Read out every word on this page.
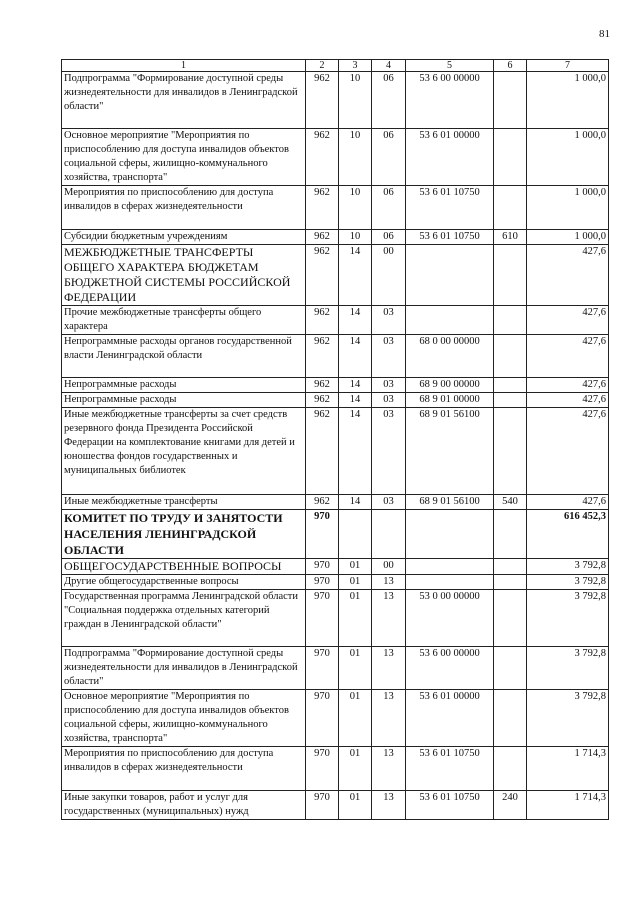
81
1	2	3	4	5	6	7
Подпрограмма "Формирование доступной среды жизнедеятельности для инвалидов в Ленинградской области"	962	10	06	53 6 00 00000		1 000,0
Основное мероприятие "Мероприятия по приспособлению для доступа инвалидов объектов социальной сферы, жилищно-коммунального хозяйства, транспорта"	962	10	06	53 6 01 00000		1 000,0
Мероприятия по приспособлению для доступа инвалидов в сферах жизнедеятельности	962	10	06	53 6 01 10750		1 000,0
Субсидии бюджетным учреждениям	962	10	06	53 6 01 10750	610	1 000,0
МЕЖБЮДЖЕТНЫЕ ТРАНСФЕРТЫ ОБЩЕГО ХАРАКТЕРА БЮДЖЕТАМ БЮДЖЕТНОЙ СИСТЕМЫ РОССИЙСКОЙ ФЕДЕРАЦИИ	962	14	00			427,6
Прочие межбюджетные трансферты общего характера	962	14	03			427,6
Непрограммные расходы органов государственной власти Ленинградской области	962	14	03	68 0 00 00000		427,6
Непрограммные расходы	962	14	03	68 9 00 00000		427,6
Непрограммные расходы	962	14	03	68 9 01 00000		427,6
Иные межбюджетные трансферты за счет средств резервного фонда Президента Российской Федерации на комплектование книгами для детей и юношества фондов государственных и муниципальных библиотек	962	14	03	68 9 01 56100		427,6
Иные межбюджетные трансферты	962	14	03	68 9 01 56100	540	427,6
КОМИТЕТ ПО ТРУДУ И ЗАНЯТОСТИ НАСЕЛЕНИЯ ЛЕНИНГРАДСКОЙ ОБЛАСТИ	970					616 452,3
ОБЩЕГОСУДАРСТВЕННЫЕ ВОПРОСЫ	970	01	00			3 792,8
Другие общегосударственные вопросы	970	01	13			3 792,8
Государственная программа Ленинградской области "Социальная поддержка отдельных категорий граждан в Ленинградской области"	970	01	13	53 0 00 00000		3 792,8
Подпрограмма "Формирование доступной среды жизнедеятельности для инвалидов в Ленинградской области"	970	01	13	53 6 00 00000		3 792,8
Основное мероприятие "Мероприятия по приспособлению для доступа инвалидов объектов социальной сферы, жилищно-коммунального хозяйства, транспорта"	970	01	13	53 6 01 00000		3 792,8
Мероприятия по приспособлению для доступа инвалидов в сферах жизнедеятельности	970	01	13	53 6 01 10750		1 714,3
Иные закупки товаров, работ и услуг для государственных (муниципальных) нужд	970	01	13	53 6 01 10750	240	1 714,3
